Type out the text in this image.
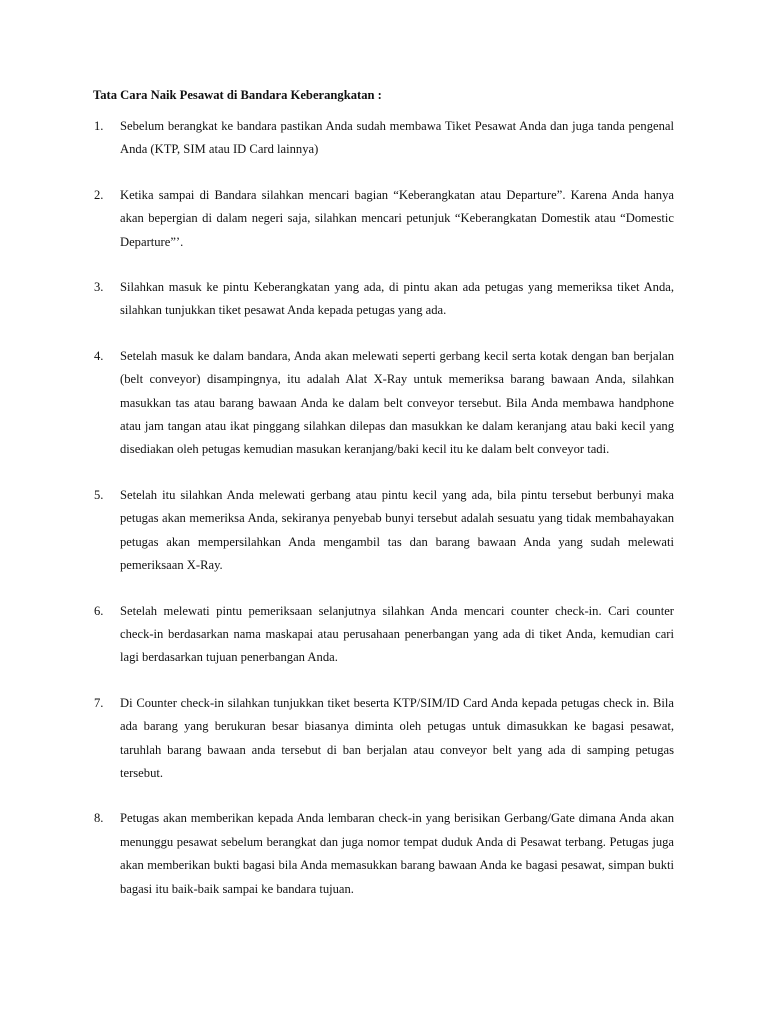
Tata Cara Naik Pesawat di Bandara Keberangkatan :
1. Sebelum berangkat ke bandara pastikan Anda sudah membawa Tiket Pesawat Anda dan juga tanda pengenal Anda (KTP, SIM atau ID Card lainnya)
2. Ketika sampai di Bandara silahkan mencari bagian “Keberangkatan atau Departure”. Karena Anda hanya akan bepergian di dalam negeri saja, silahkan mencari petunjuk “Keberangkatan Domestik atau “Domestic Departure”’.
3. Silahkan masuk ke pintu Keberangkatan yang ada, di pintu akan ada petugas yang memeriksa tiket Anda, silahkan tunjukkan tiket pesawat Anda kepada petugas yang ada.
4. Setelah masuk ke dalam bandara, Anda akan melewati seperti gerbang kecil serta kotak dengan ban berjalan (belt conveyor) disampingnya, itu adalah Alat X-Ray untuk memeriksa barang bawaan Anda, silahkan masukkan tas atau barang bawaan Anda ke dalam belt conveyor tersebut. Bila Anda membawa handphone atau jam tangan atau ikat pinggang silahkan dilepas dan masukkan ke dalam keranjang atau baki kecil yang disediakan oleh petugas kemudian masukan keranjang/baki kecil itu ke dalam belt conveyor tadi.
5. Setelah itu silahkan Anda melewati gerbang atau pintu kecil yang ada, bila pintu tersebut berbunyi maka petugas akan memeriksa Anda, sekiranya penyebab bunyi tersebut adalah sesuatu yang tidak membahayakan petugas akan mempersilahkan Anda mengambil tas dan barang bawaan Anda yang sudah melewati pemeriksaan X-Ray.
6. Setelah melewati pintu pemeriksaan selanjutnya silahkan Anda mencari counter check-in. Cari counter check-in berdasarkan nama maskapai atau perusahaan penerbangan yang ada di tiket Anda, kemudian cari lagi berdasarkan tujuan penerbangan Anda.
7. Di Counter check-in silahkan tunjukkan tiket beserta KTP/SIM/ID Card Anda kepada petugas check in. Bila ada barang yang berukuran besar biasanya diminta oleh petugas untuk dimasukkan ke bagasi pesawat, taruhlah barang bawaan anda tersebut di ban berjalan atau conveyor belt yang ada di samping petugas tersebut.
8. Petugas akan memberikan kepada Anda lembaran check-in yang berisikan Gerbang/Gate dimana Anda akan menunggu pesawat sebelum berangkat dan juga nomor tempat duduk Anda di Pesawat terbang. Petugas juga akan memberikan bukti bagasi bila Anda memasukkan barang bawaan Anda ke bagasi pesawat, simpan bukti bagasi itu baik-baik sampai ke bandara tujuan.
